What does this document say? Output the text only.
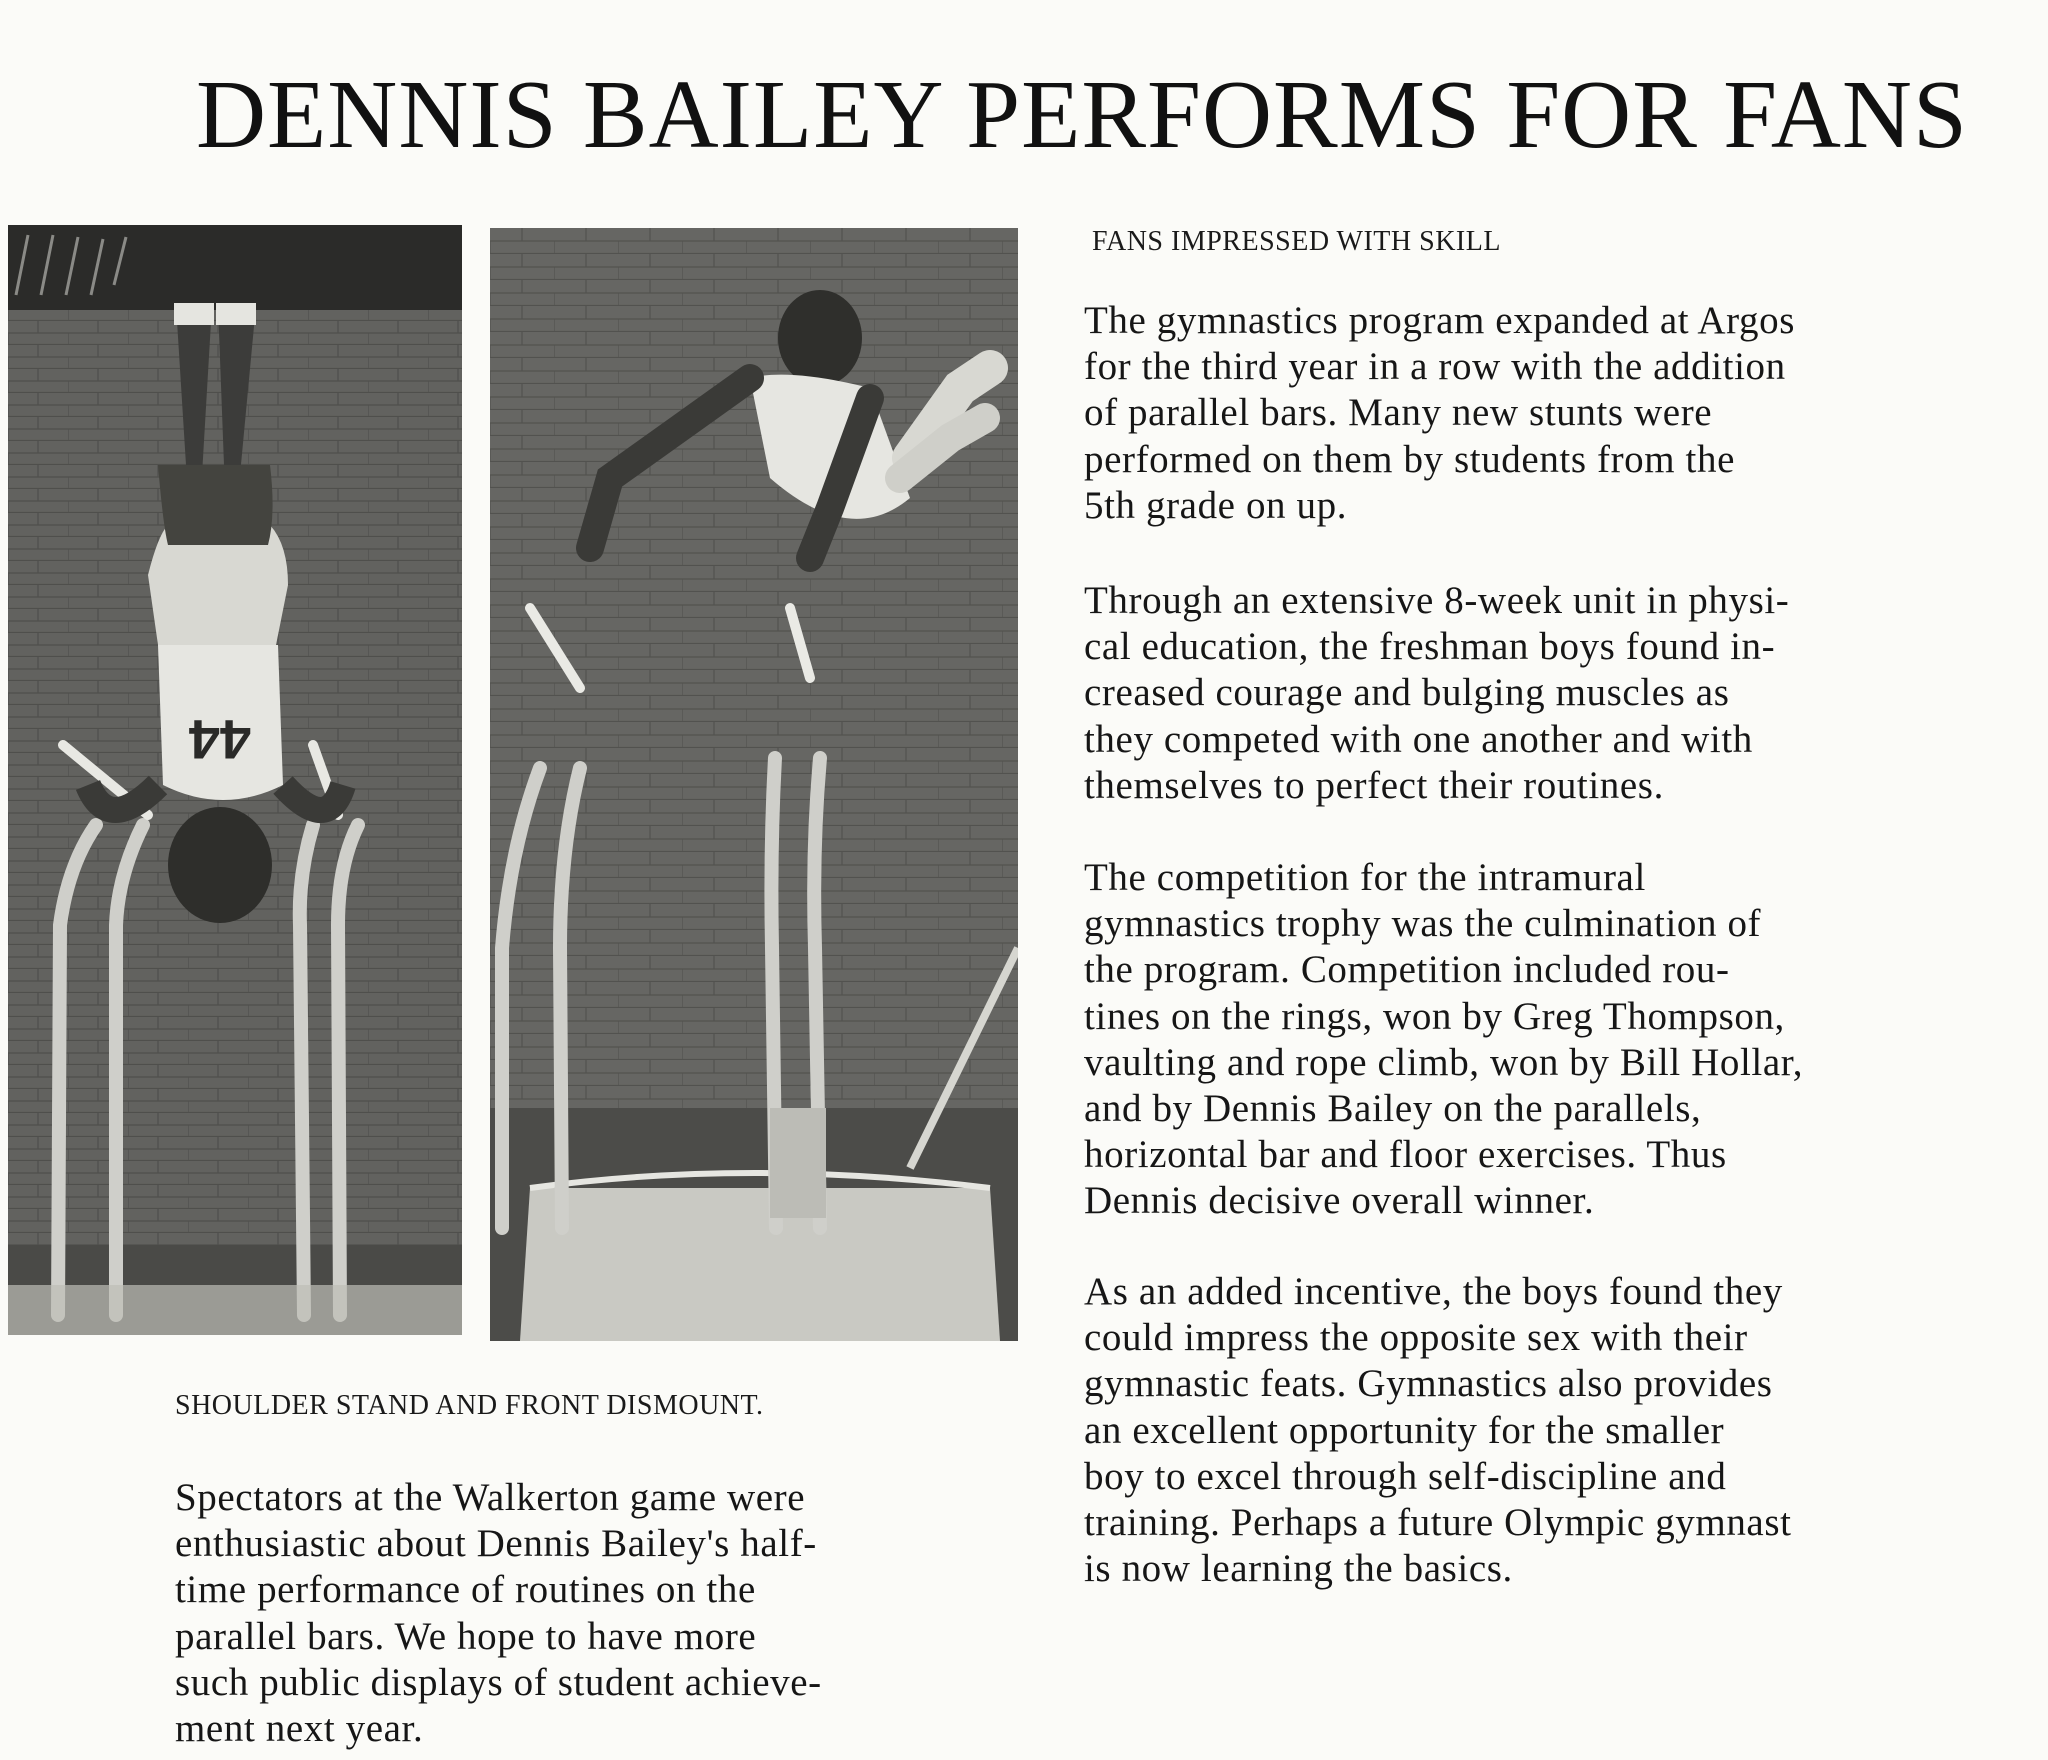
DENNIS BAILEY PERFORMS FOR FANS
44
FANS IMPRESSED WITH SKILL
SHOULDER STAND AND FRONT DISMOUNT.
Spectators at the Walkerton game were
enthusiastic about Dennis Bailey's half-
time performance of routines on the
parallel bars. We hope to have more
such public displays of student achieve-
ment next year.
The gymnastics program expanded at Argos
for the third year in a row with the addition
of parallel bars. Many new stunts were
performed on them by students from the
5th grade on up.
Through an extensive 8-week unit in physi-
cal education, the freshman boys found in-
creased courage and bulging muscles as
they competed with one another and with
themselves to perfect their routines.
The competition for the intramural
gymnastics trophy was the culmination of
the program. Competition included rou-
tines on the rings, won by Greg Thompson,
vaulting and rope climb, won by Bill Hollar,
and by Dennis Bailey on the parallels,
horizontal bar and floor exercises. Thus
Dennis decisive overall winner.
As an added incentive, the boys found they
could impress the opposite sex with their
gymnastic feats. Gymnastics also provides
an excellent opportunity for the smaller
boy to excel through self-discipline and
training. Perhaps a future Olympic gymnast
is now learning the basics.
